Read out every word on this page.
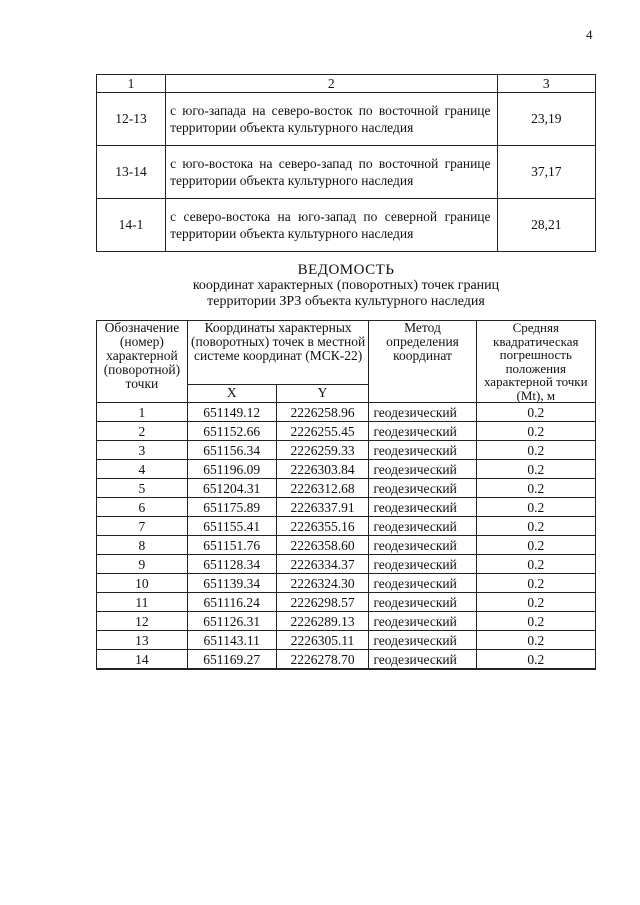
4
1	2	3
12-13	с юго-запада на северо-восток по восточной границе территории объекта культурного наследия	23,19
13-14	с юго-востока на северо-запад по восточной границе территории объекта культурного наследия	37,17
14-1	с северо-востока на юго-запад по северной границе территории объекта культурного наследия	28,21
ВЕДОМОСТЬ
координат характерных (поворотных) точек границ
территории ЗРЗ объекта культурного наследия
Обозначение (номер) характерной (поворотной) точки	Координаты характерных (поворотных) точек в местной системе координат (МСК-22)		Метод определения координат	Средняя квадратическая погрешность положения характерной точки (Mt), м
	X	Y		
1	651149.12	2226258.96	геодезический	0.2
2	651152.66	2226255.45	геодезический	0.2
3	651156.34	2226259.33	геодезический	0.2
4	651196.09	2226303.84	геодезический	0.2
5	651204.31	2226312.68	геодезический	0.2
6	651175.89	2226337.91	геодезический	0.2
7	651155.41	2226355.16	геодезический	0.2
8	651151.76	2226358.60	геодезический	0.2
9	651128.34	2226334.37	геодезический	0.2
10	651139.34	2226324.30	геодезический	0.2
11	651116.24	2226298.57	геодезический	0.2
12	651126.31	2226289.13	геодезический	0.2
13	651143.11	2226305.11	геодезический	0.2
14	651169.27	2226278.70	геодезический	0.2
